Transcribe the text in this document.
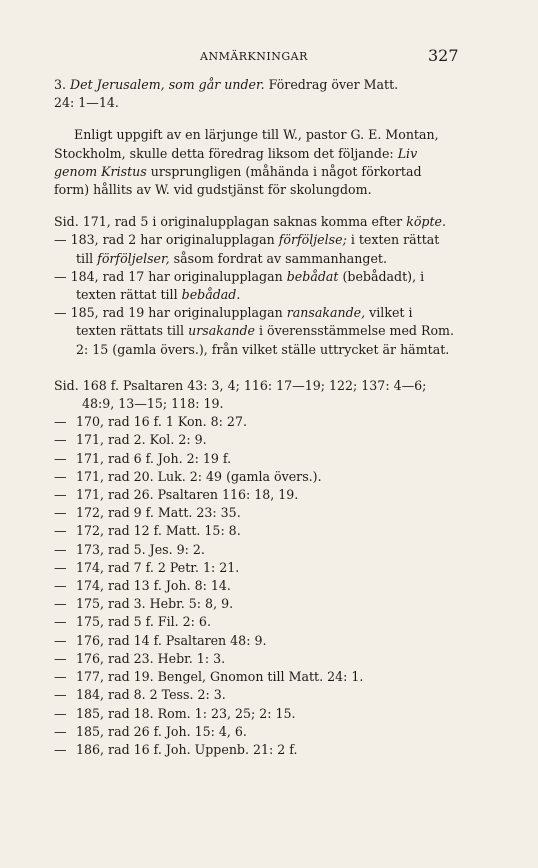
ANMÄRKNINGAR	327
3. Det Jerusalem, som går under. Föredrag över Matt.
24: 1—14.
Enligt uppgift av en lärjunge till W., pastor G. E. Montan,
Stockholm, skulle detta föredrag liksom det följande: Liv
genom Kristus ursprungligen (måhända i något förkortad
form) hållits av W. vid gudstjänst för skolungdom.
Sid. 171, rad 5 i originalupplagan saknas komma efter köpte.
— 183, rad 2 har originalupplagan förföljelse; i texten rättat
till förföljelser, såsom fordrat av sammanhanget.
— 184, rad 17 har originalupplagan bebådat (bebådadt), i
texten rättat till bebådad.
— 185, rad 19 har originalupplagan ransakande, vilket i
texten rättats till ursakande i överensstämmelse med Rom.
2: 15 (gamla övers.), från vilket ställe uttrycket är hämtat.
Sid. 168 f. Psaltaren 43: 3, 4; 116: 17—19; 122; 137: 4—6;
48:9, 13—15; 118: 19.
— 170, rad 16 f. 1 Kon. 8: 27.
— 171, rad 2. Kol. 2: 9.
— 171, rad 6 f. Joh. 2: 19 f.
— 171, rad 20. Luk. 2: 49 (gamla övers.).
— 171, rad 26. Psaltaren 116: 18, 19.
— 172, rad 9 f. Matt. 23: 35.
— 172, rad 12 f. Matt. 15: 8.
— 173, rad 5. Jes. 9: 2.
— 174, rad 7 f. 2 Petr. 1: 21.
— 174, rad 13 f. Joh. 8: 14.
— 175, rad 3. Hebr. 5: 8, 9.
— 175, rad 5 f. Fil. 2: 6.
— 176, rad 14 f. Psaltaren 48: 9.
— 176, rad 23. Hebr. 1: 3.
— 177, rad 19. Bengel, Gnomon till Matt. 24: 1.
— 184, rad 8. 2 Tess. 2: 3.
— 185, rad 18. Rom. 1: 23, 25; 2: 15.
— 185, rad 26 f. Joh. 15: 4, 6.
— 186, rad 16 f. Joh. Uppenb. 21: 2 f.
